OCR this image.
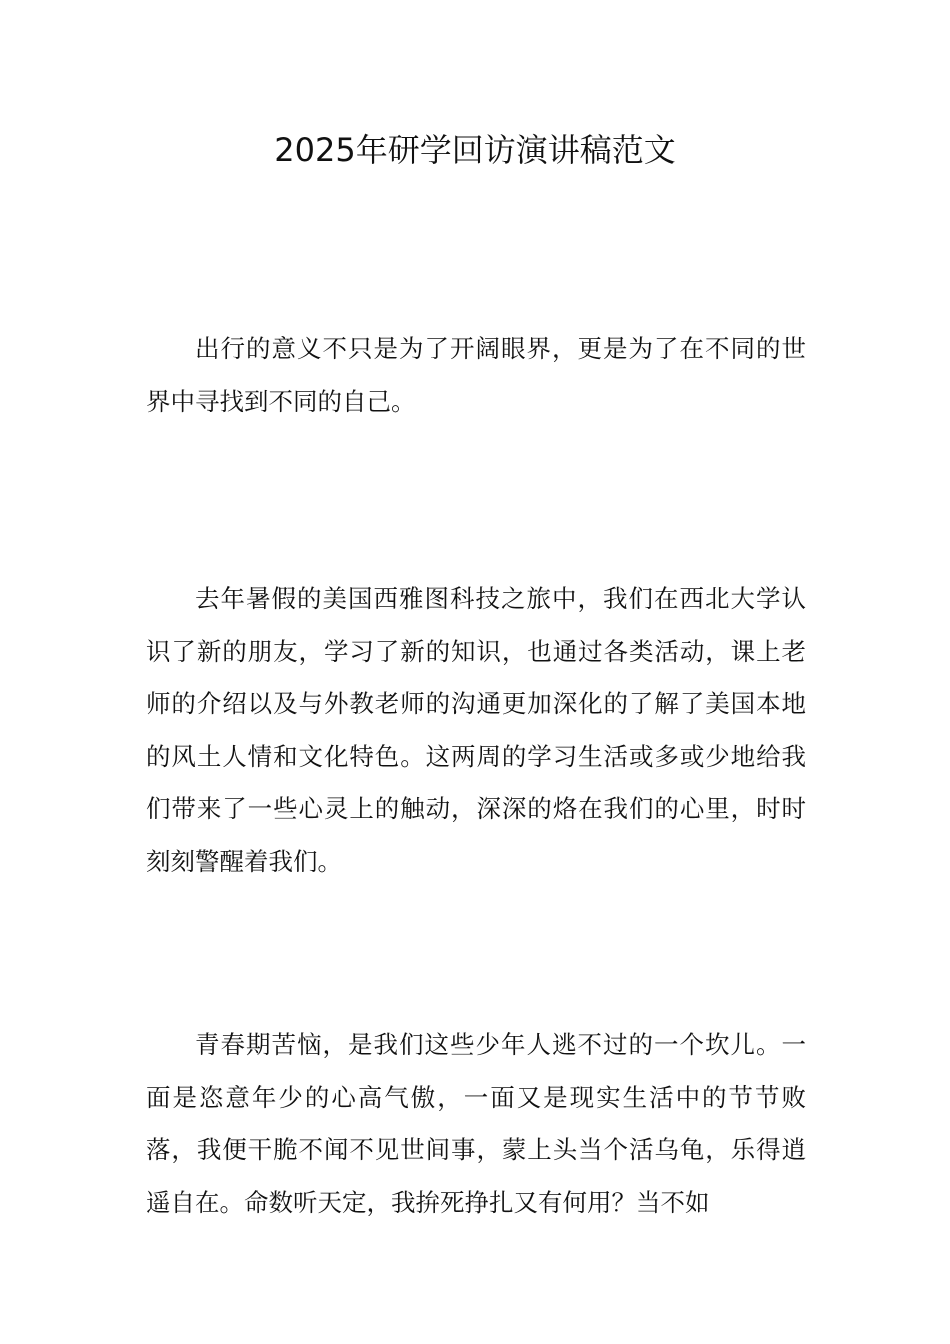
2025年研学回访演讲稿范文

出行的意义不只是为了开阔眼界，更是为了在不同的世界中寻找到不同的自己。

去年暑假的美国西雅图科技之旅中，我们在西北大学认识了新的朋友，学习了新的知识，也通过各类活动，课上老师的介绍以及与外教老师的沟通更加深化的了解了美国本地的风土人情和文化特色。这两周的学习生活或多或少地给我们带来了一些心灵上的触动，深深的烙在我们的心里，时时刻刻警醒着我们。

青春期苦恼，是我们这些少年人逃不过的一个坎儿。一面是恣意年少的心高气傲，一面又是现实生活中的节节败落，我便干脆不闻不见世间事，蒙上头当个活乌龟，乐得逍遥自在。命数听天定，我拚死挣扎又有何用？当不如
